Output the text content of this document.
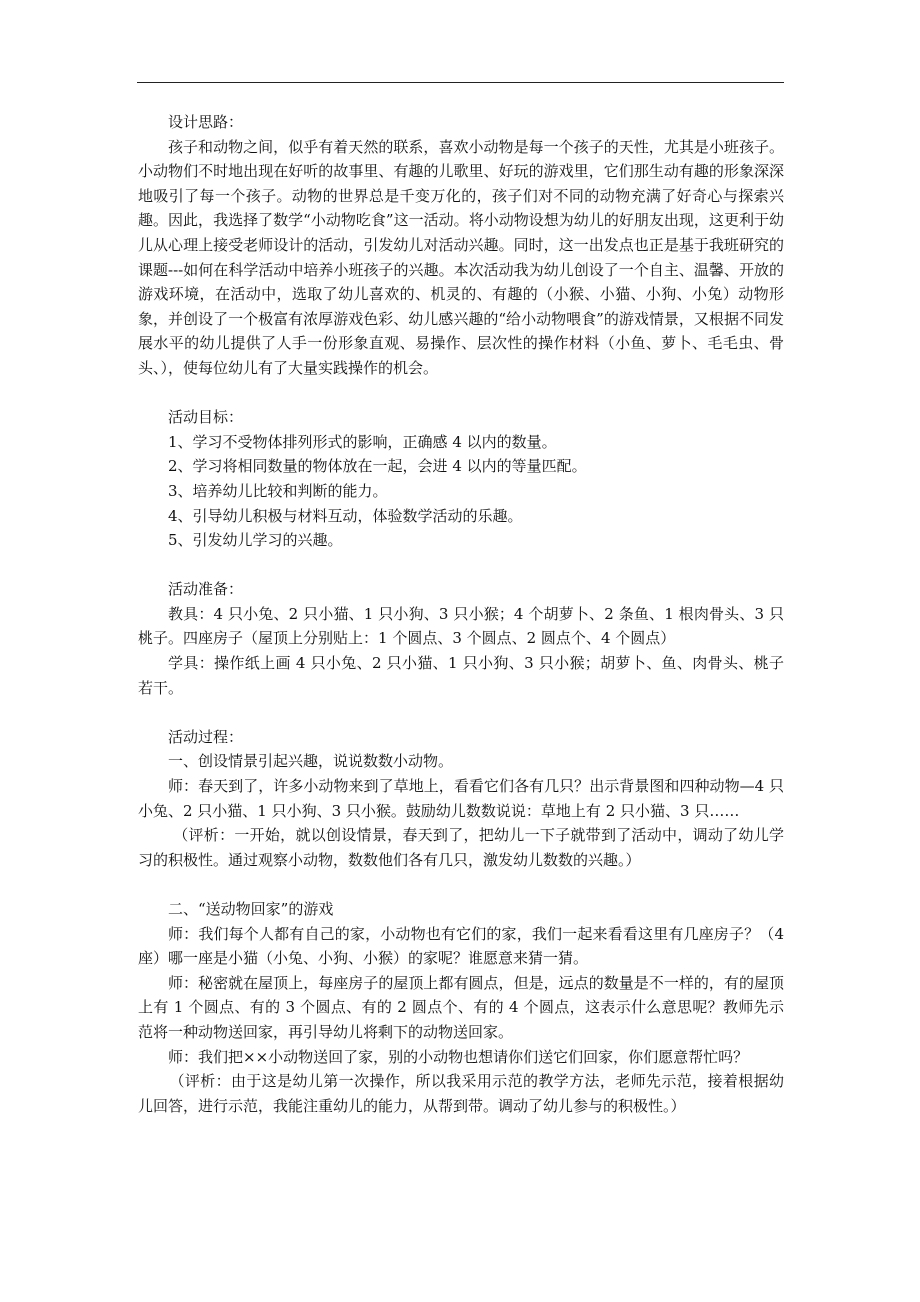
设计思路：

孩子和动物之间，似乎有着天然的联系，喜欢小动物是每一个孩子的天性，尤其是小班孩子。小动物们不时地出现在好听的故事里、有趣的儿歌里、好玩的游戏里，它们那生动有趣的形象深深地吸引了每一个孩子。动物的世界总是千变万化的，孩子们对不同的动物充满了好奇心与探索兴趣。因此，我选择了数学“小动物吃食”这一活动。将小动物设想为幼儿的好朋友出现，这更利于幼儿从心理上接受老师设计的活动，引发幼儿对活动兴趣。同时，这一出发点也正是基于我班研究的课题---如何在科学活动中培养小班孩子的兴趣。本次活动我为幼儿创设了一个自主、温馨、开放的游戏环境，在活动中，选取了幼儿喜欢的、机灵的、有趣的（小猴、小猫、小狗、小兔）动物形象，并创设了一个极富有浓厚游戏色彩、幼儿感兴趣的“给小动物喂食”的游戏情景，又根据不同发展水平的幼儿提供了人手一份形象直观、易操作、层次性的操作材料（小鱼、萝卜、毛毛虫、骨头、），使每位幼儿有了大量实践操作的机会。

活动目标：

1、学习不受物体排列形式的影响，正确感 4 以内的数量。

2、学习将相同数量的物体放在一起，会进 4 以内的等量匹配。

3、培养幼儿比较和判断的能力。

4、引导幼儿积极与材料互动，体验数学活动的乐趣。

5、引发幼儿学习的兴趣。

活动准备：

教具：4 只小兔、2 只小猫、1 只小狗、3 只小猴；4 个胡萝卜、2 条鱼、1 根肉骨头、3 只桃子。四座房子（屋顶上分别贴上：1 个圆点、3 个圆点、2 圆点个、4 个圆点）

学具：操作纸上画 4 只小兔、2 只小猫、1 只小狗、3 只小猴；胡萝卜、鱼、肉骨头、桃子若干。

活动过程：

一、创设情景引起兴趣，说说数数小动物。

师：春天到了，许多小动物来到了草地上，看看它们各有几只？出示背景图和四种动物—4 只小兔、2 只小猫、1 只小狗、3 只小猴。鼓励幼儿数数说说：草地上有 2 只小猫、3 只……

（评析：一开始，就以创设情景，春天到了，把幼儿一下子就带到了活动中，调动了幼儿学习的积极性。通过观察小动物，数数他们各有几只，激发幼儿数数的兴趣。）

二、“送动物回家”的游戏

师：我们每个人都有自己的家，小动物也有它们的家，我们一起来看看这里有几座房子？（4 座）哪一座是小猫（小兔、小狗、小猴）的家呢？谁愿意来猜一猜。

师：秘密就在屋顶上，每座房子的屋顶上都有圆点，但是，远点的数量是不一样的，有的屋顶上有 1 个圆点、有的 3 个圆点、有的 2 圆点个、有的 4 个圆点，这表示什么意思呢？教师先示范将一种动物送回家，再引导幼儿将剩下的动物送回家。

师：我们把××小动物送回了家，别的小动物也想请你们送它们回家，你们愿意帮忙吗？

（评析：由于这是幼儿第一次操作，所以我采用示范的教学方法，老师先示范，接着根据幼儿回答，进行示范，我能注重幼儿的能力，从帮到带。调动了幼儿参与的积极性。）
